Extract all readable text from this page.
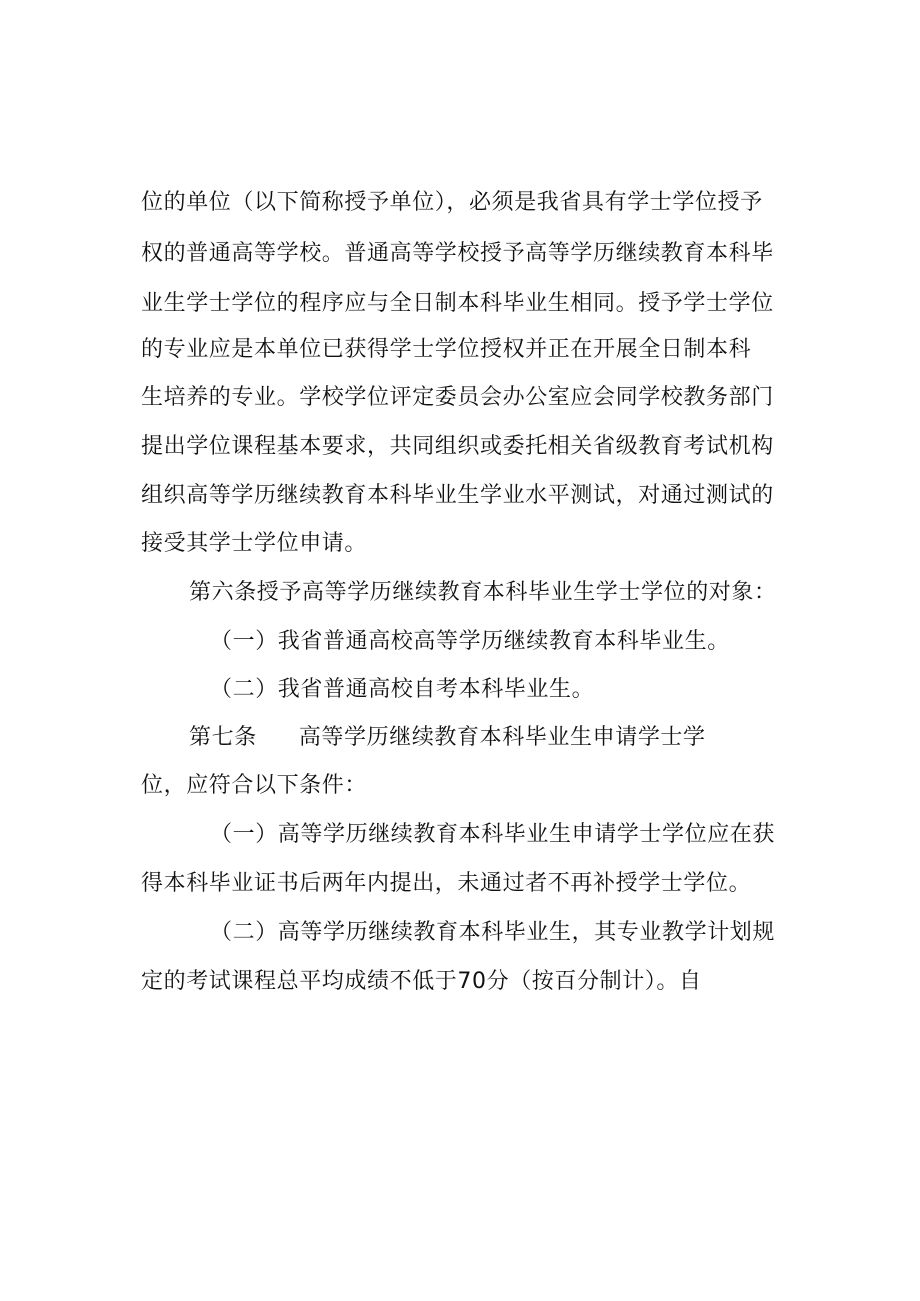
位的单位（以下简称授予单位），必须是我省具有学士学位授予
权的普通高等学校。普通高等学校授予高等学历继续教育本科毕
业生学士学位的程序应与全日制本科毕业生相同。授予学士学位
的专业应是本单位已获得学士学位授权并正在开展全日制本科
生培养的专业。学校学位评定委员会办公室应会同学校教务部门
提出学位课程基本要求，共同组织或委托相关省级教育考试机构
组织高等学历继续教育本科毕业生学业水平测试，对通过测试的
接受其学士学位申请。
第六条授予高等学历继续教育本科毕业生学士学位的对象：
（一）我省普通高校高等学历继续教育本科毕业生。
（二）我省普通高校自考本科毕业生。
第七条 高等学历继续教育本科毕业生申请学士学
位，应符合以下条件：
（一）高等学历继续教育本科毕业生申请学士学位应在获
得本科毕业证书后两年内提出，未通过者不再补授学士学位。
（二）高等学历继续教育本科毕业生，其专业教学计划规
定的考试课程总平均成绩不低于70分（按百分制计）。自
